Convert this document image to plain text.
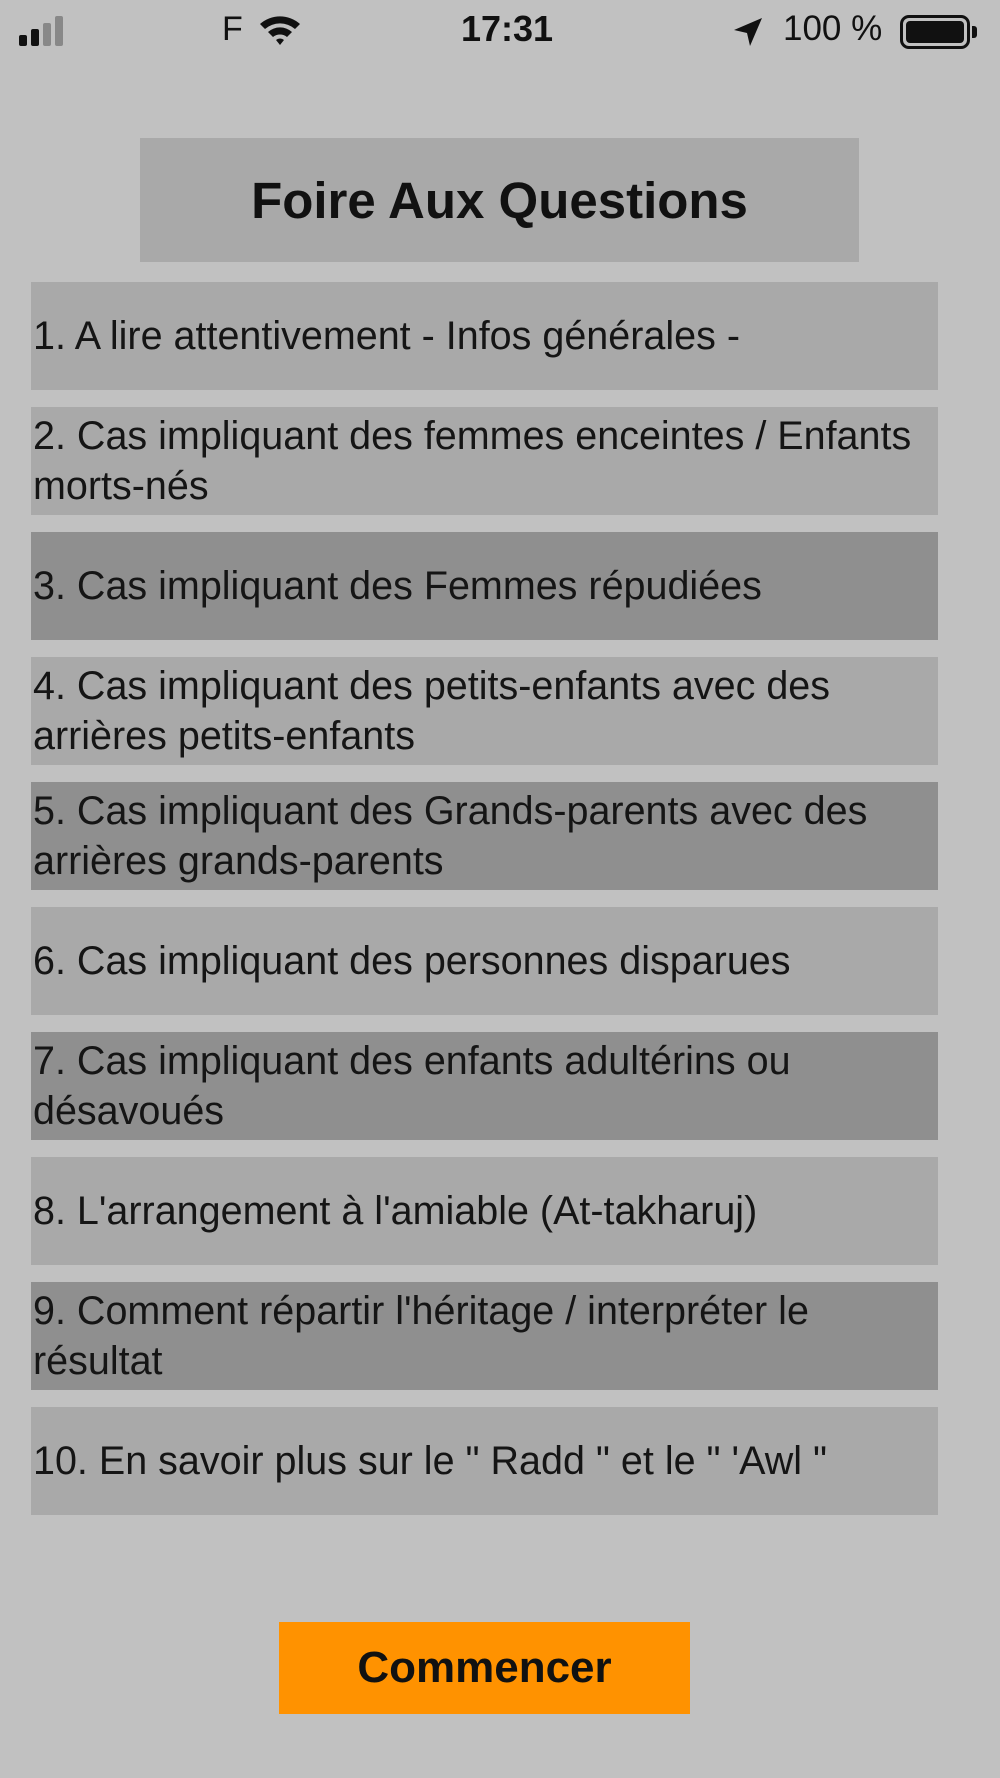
F	17:31	100 %
Foire Aux Questions
1. A lire attentivement - Infos générales -
2. Cas impliquant des femmes enceintes / Enfants morts-nés
3. Cas impliquant des Femmes répudiées
4. Cas impliquant des petits-enfants avec des arrières petits-enfants
5. Cas impliquant des Grands-parents avec des arrières grands-parents
6. Cas impliquant des personnes disparues
7. Cas impliquant des enfants adultérins ou désavoués
8. L'arrangement à l'amiable (At-takharuj)
9. Comment répartir l'héritage / interpréter le résultat
10. En savoir plus sur le " Radd " et le " 'Awl "
Commencer
